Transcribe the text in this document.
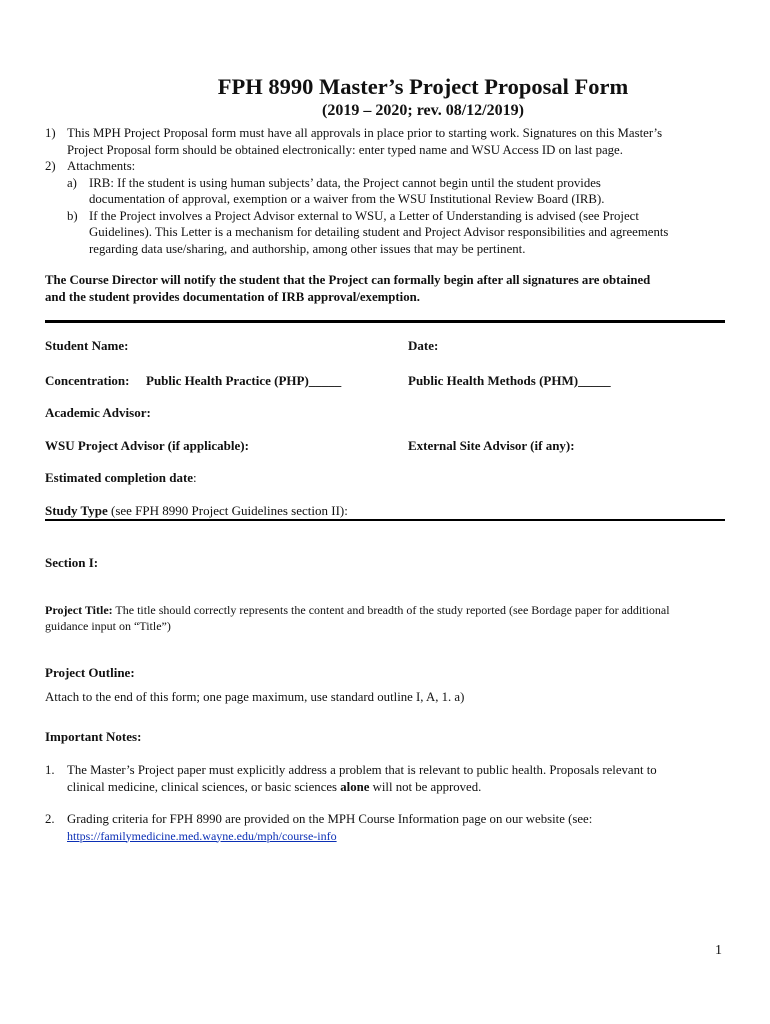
FPH 8990 Master’s Project Proposal Form
(2019 – 2020; rev. 08/12/2019)
1) This MPH Project Proposal form must have all approvals in place prior to starting work. Signatures on this Master’s
Project Proposal form should be obtained electronically: enter typed name and WSU Access ID on last page.
2) Attachments:
a) IRB: If the student is using human subjects’ data, the Project cannot begin until the student provides
documentation of approval, exemption or a waiver from the WSU Institutional Review Board (IRB).
b) If the Project involves a Project Advisor external to WSU, a Letter of Understanding is advised (see Project
Guidelines). This Letter is a mechanism for detailing student and Project Advisor responsibilities and agreements
regarding data use/sharing, and authorship, among other issues that may be pertinent.
The Course Director will notify the student that the Project can formally begin after all signatures are obtained
and the student provides documentation of IRB approval/exemption.
Student Name:	Date:
Concentration: Public Health Practice (PHP)_____	Public Health Methods (PHM)_____
Academic Advisor:
WSU Project Advisor (if applicable):	External Site Advisor (if any):
Estimated completion date:
Study Type (see FPH 8990 Project Guidelines section II):
Section I:
Project Title: The title should correctly represents the content and breadth of the study reported (see Bordage paper for additional
guidance input on “Title”)
Project Outline:
Attach to the end of this form; one page maximum, use standard outline I, A, 1. a)
Important Notes:
1. The Master’s Project paper must explicitly address a problem that is relevant to public health. Proposals relevant to
clinical medicine, clinical sciences, or basic sciences alone will not be approved.
2. Grading criteria for FPH 8990 are provided on the MPH Course Information page on our website (see:
https://familymedicine.med.wayne.edu/mph/course-info
1
